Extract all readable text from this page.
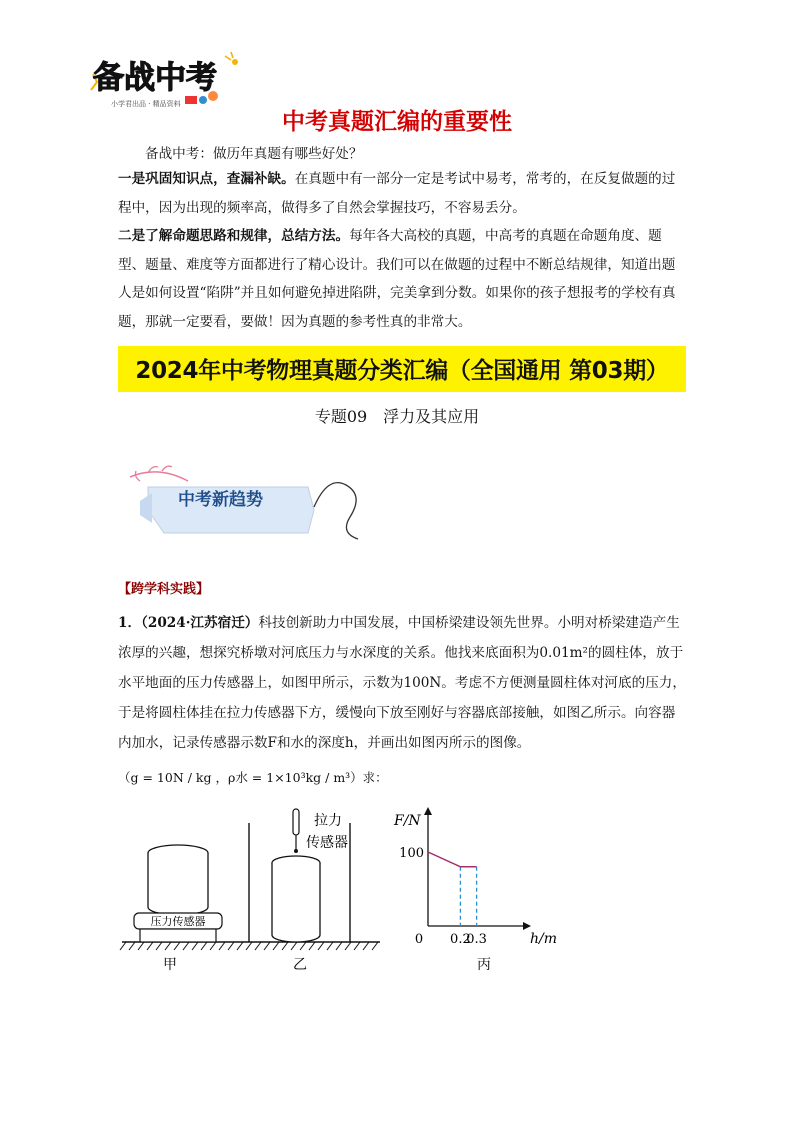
备战中考
小学君出品 · 精品资料
中考真题汇编的重要性
备战中考：做历年真题有哪些好处？
一是巩固知识点，查漏补缺。在真题中有一部分一定是考试中易考，常考的，在反复做题的过程中，因为出现的频率高，做得多了自然会掌握技巧，不容易丢分。
二是了解命题思路和规律，总结方法。每年各大高校的真题，中高考的真题在命题角度、题型、题量、难度等方面都进行了精心设计。我们可以在做题的过程中不断总结规律，知道出题人是如何设置“陷阱”并且如何避免掉进陷阱，完美拿到分数。如果你的孩子想报考的学校有真题，那就一定要看，要做！因为真题的参考性真的非常大。
2024年中考物理真题分类汇编（全国通用 第03期）
专题09　浮力及其应用
中考新趋势
【跨学科实践】
1．（2024·江苏宿迁）科技创新助力中国发展，中国桥梁建设领先世界。小明对桥梁建造产生浓厚的兴趣，想探究桥墩对河底压力与水深度的关系。他找来底面积为0.01m²的圆柱体，放于水平地面的压力传感器上，如图甲所示，示数为100N。考虑不方便测量圆柱体对河底的压力，于是将圆柱体挂在拉力传感器下方，缓慢向下放至刚好与容器底部接触，如图乙所示。向容器内加水，记录传感器示数F和水的深度h，并画出如图丙所示的图像。
（g = 10N / kg ，ρ水 = 1×10³kg / m³）求：
压力传感器
甲
拉力
传感器
乙
F/N
h/m
0 0.2
0.3
100
丙
